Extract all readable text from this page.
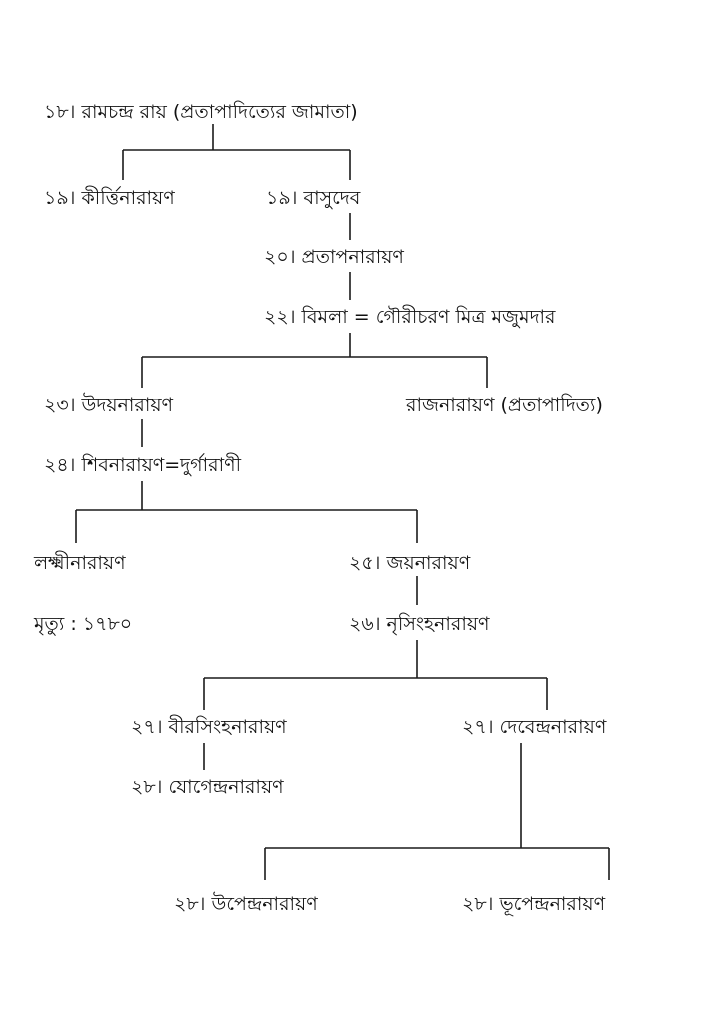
১৮। রামচন্দ্র রায় (প্রতাপাদিত্যের জামাতা)
১৯। কীর্ত্তিনারায়ণ	১৯। বাসুদেব
২০। প্রতাপনারায়ণ
২২। বিমলা = গৌরীচরণ মিত্র মজুমদার
২৩। উদয়নারায়ণ	রাজনারায়ণ (প্রতাপাদিত্য)
২৪। শিবনারায়ণ=দুর্গারাণী
লক্ষ্মীনারায়ণ
মৃত্যু : ১৭৮০
২৫। জয়নারায়ণ
২৬। নৃসিংহনারায়ণ
২৭। বীরসিংহনারায়ণ	২৭। দেবেন্দ্রনারায়ণ
২৮। যোগেন্দ্রনারায়ণ
২৮। উপেন্দ্রনারায়ণ	২৮। ভূপেন্দ্রনারায়ণ
